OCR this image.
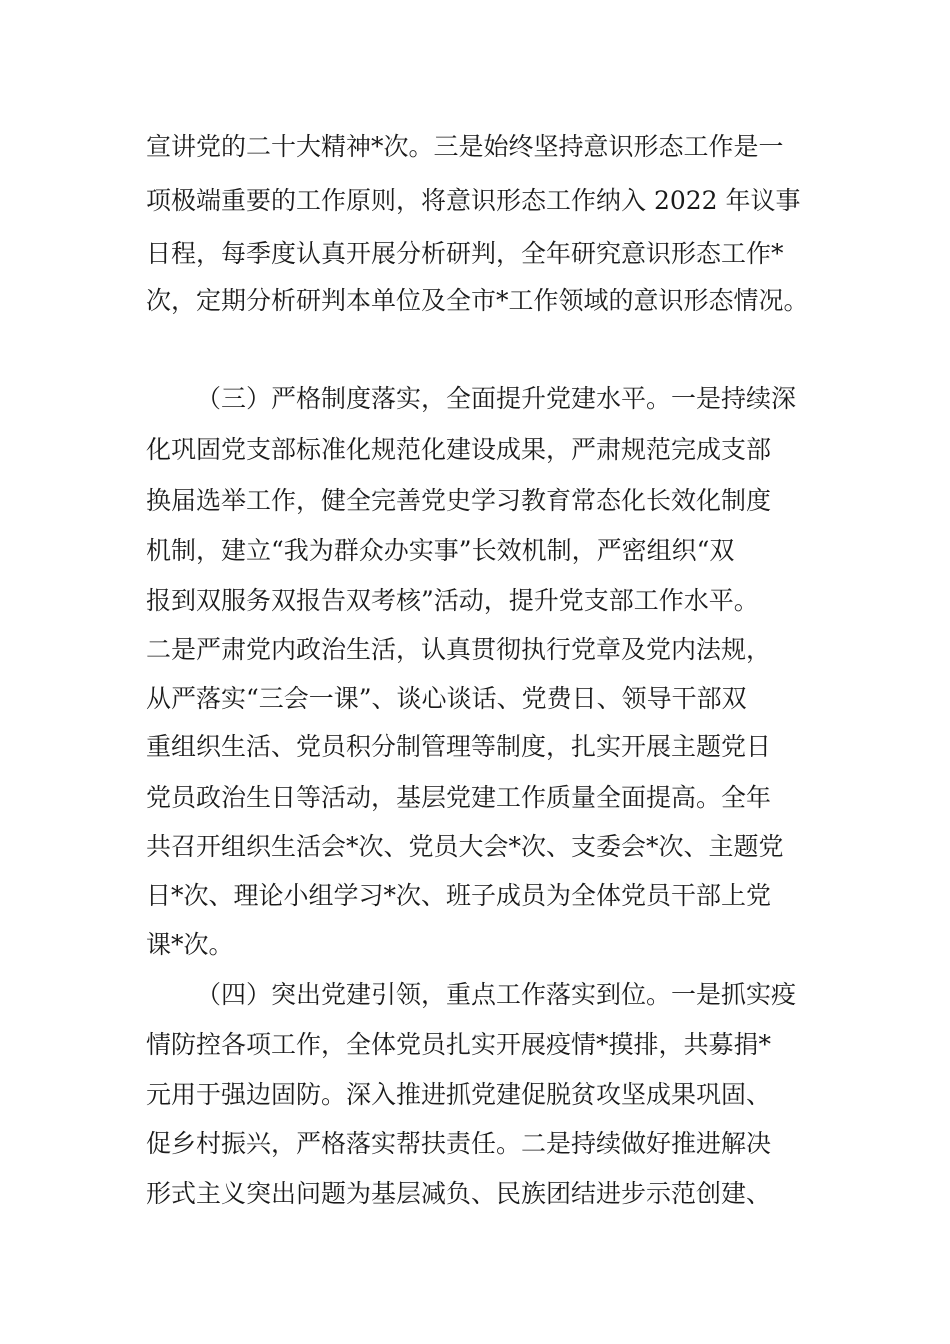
宣讲党的二十大精神*次。三是始终坚持意识形态工作是一
项极端重要的工作原则，将意识形态工作纳入 2022 年议事
日程，每季度认真开展分析研判，全年研究意识形态工作*
次，定期分析研判本单位及全市*工作领域的意识形态情况。
（三）严格制度落实，全面提升党建水平。一是持续深
化巩固党支部标准化规范化建设成果，严肃规范完成支部
换届选举工作，健全完善党史学习教育常态化长效化制度
机制，建立“我为群众办实事”长效机制，严密组织“双
报到双服务双报告双考核”活动，提升党支部工作水平。
二是严肃党内政治生活，认真贯彻执行党章及党内法规，
从严落实“三会一课”、谈心谈话、党费日、领导干部双
重组织生活、党员积分制管理等制度，扎实开展主题党日
党员政治生日等活动，基层党建工作质量全面提高。全年
共召开组织生活会*次、党员大会*次、支委会*次、主题党
日*次、理论小组学习*次、班子成员为全体党员干部上党
课*次。
（四）突出党建引领，重点工作落实到位。一是抓实疫
情防控各项工作，全体党员扎实开展疫情*摸排，共募捐*
元用于强边固防。深入推进抓党建促脱贫攻坚成果巩固、
促乡村振兴，严格落实帮扶责任。二是持续做好推进解决
形式主义突出问题为基层减负、民族团结进步示范创建、
